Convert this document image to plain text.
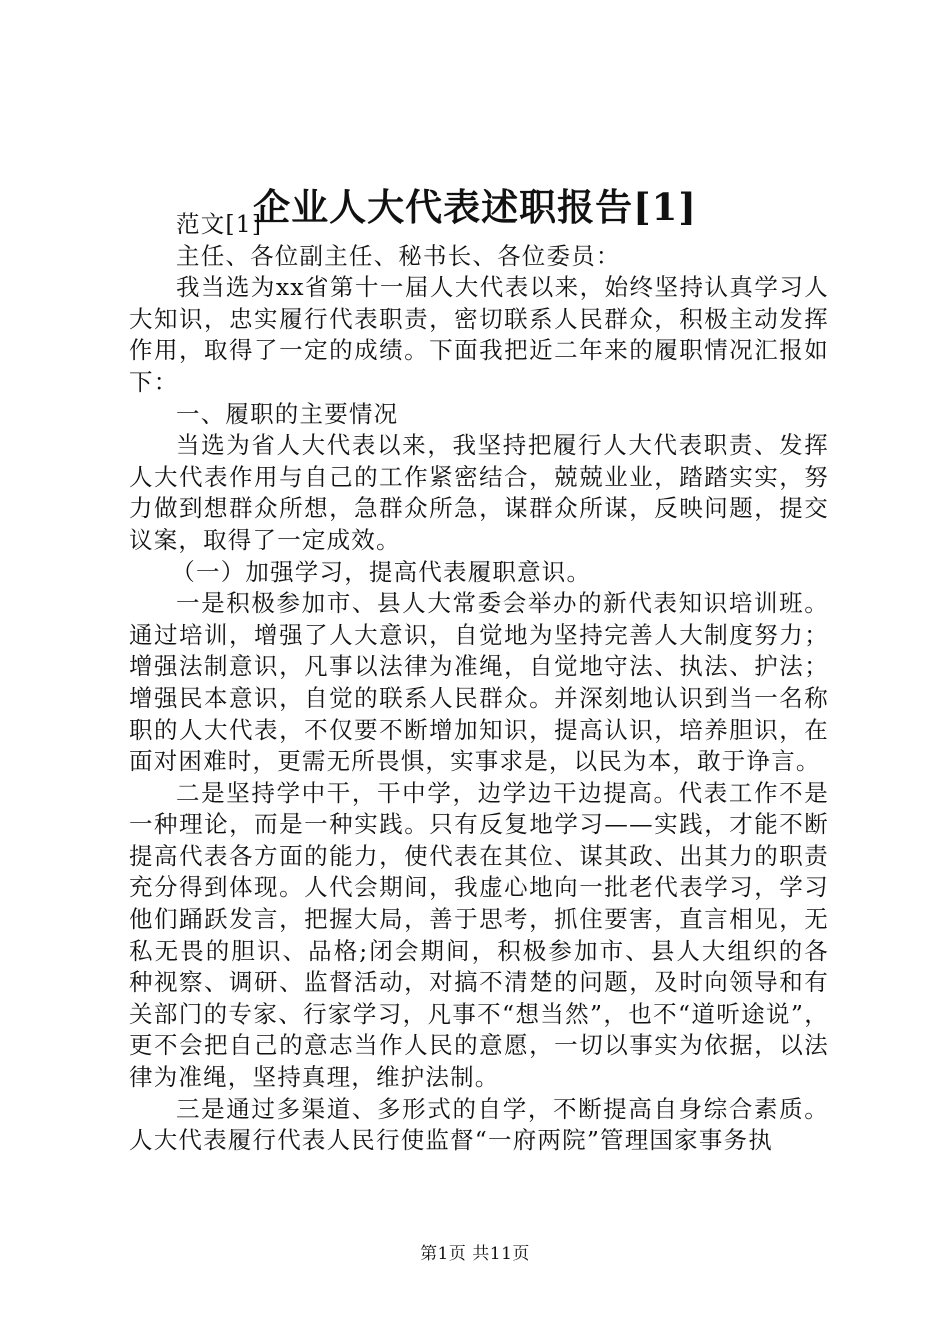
企业人大代表述职报告[1]

范文[1]

主任、各位副主任、秘书长、各位委员：

我当选为xx省第十一届人大代表以来，始终坚持认真学习人大知识，忠实履行代表职责，密切联系人民群众，积极主动发挥作用，取得了一定的成绩。下面我把近二年来的履职情况汇报如下：

一、履职的主要情况

当选为省人大代表以来，我坚持把履行人大代表职责、发挥人大代表作用与自己的工作紧密结合，兢兢业业，踏踏实实，努力做到想群众所想，急群众所急，谋群众所谋，反映问题，提交议案，取得了一定成效。

（一）加强学习，提高代表履职意识。

一是积极参加市、县人大常委会举办的新代表知识培训班。通过培训，增强了人大意识，自觉地为坚持完善人大制度努力；增强法制意识，凡事以法律为准绳，自觉地守法、执法、护法；增强民本意识，自觉的联系人民群众。并深刻地认识到当一名称职的人大代表，不仅要不断增加知识，提高认识，培养胆识，在面对困难时，更需无所畏惧，实事求是，以民为本，敢于诤言。

二是坚持学中干，干中学，边学边干边提高。代表工作不是一种理论，而是一种实践。只有反复地学习——实践，才能不断提高代表各方面的能力，使代表在其位、谋其政、出其力的职责充分得到体现。人代会期间，我虚心地向一批老代表学习，学习他们踊跃发言，把握大局，善于思考，抓住要害，直言相见，无私无畏的胆识、品格;闭会期间，积极参加市、县人大组织的各种视察、调研、监督活动，对搞不清楚的问题，及时向领导和有关部门的专家、行家学习，凡事不“想当然”，也不“道听途说”，更不会把自己的意志当作人民的意愿，一切以事实为依据，以法律为准绳，坚持真理，维护法制。

三是通过多渠道、多形式的自学，不断提高自身综合素质。人大代表履行代表人民行使监督“一府两院”管理国家事务执

第1页 共11页
